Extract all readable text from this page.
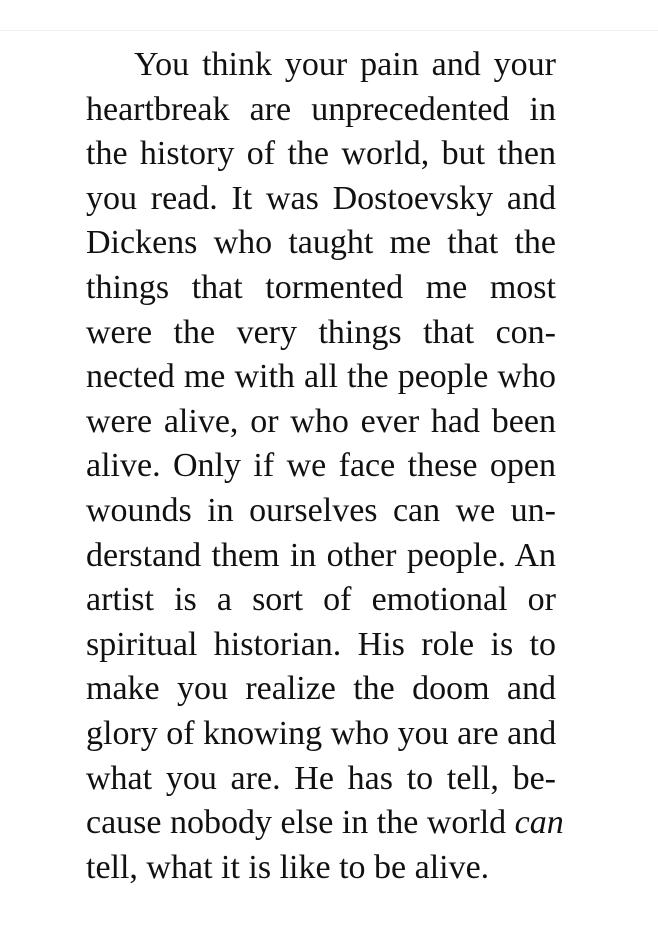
You think your pain and your
heartbreak are unprecedented in
the history of the world, but then
you read. It was Dostoevsky and
Dickens who taught me that the
things that tormented me most
were the very things that con-
nected me with all the people who
were alive, or who ever had been
alive. Only if we face these open
wounds in ourselves can we un-
derstand them in other people. An
artist is a sort of emotional or
spiritual historian. His role is to
make you realize the doom and
glory of knowing who you are and
what you are. He has to tell, be-
cause nobody else in the world can
tell, what it is like to be alive.
